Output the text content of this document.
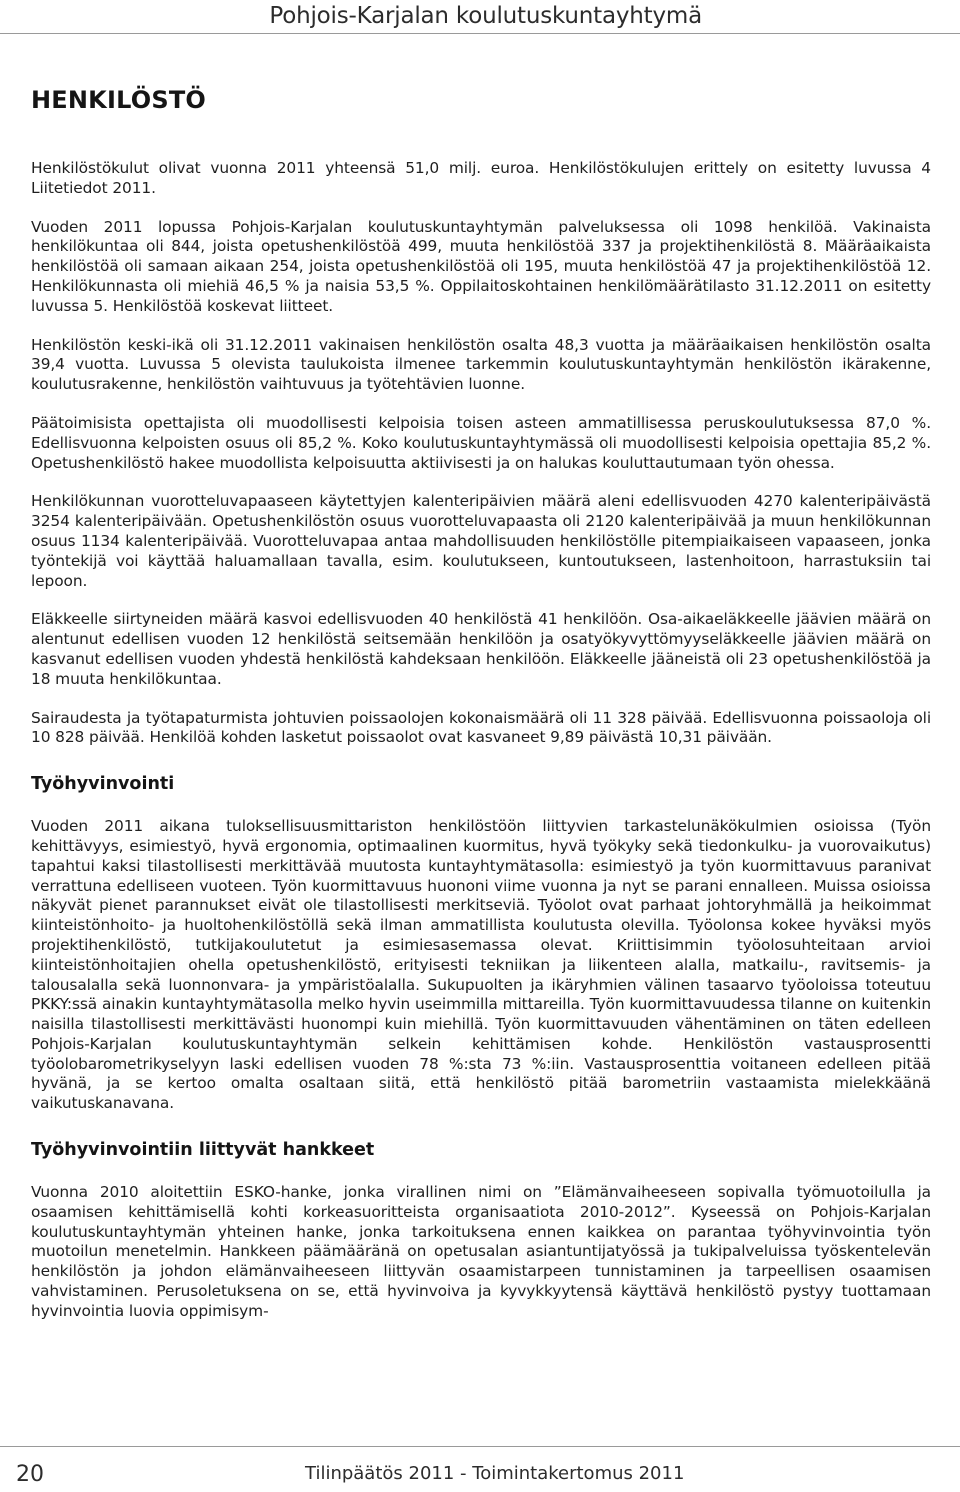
Pohjois-Karjalan koulutuskuntayhtymä
HENKILÖSTÖ

Henkilöstökulut olivat vuonna 2011 yhteensä 51,0 milj. euroa. Henkilöstökulujen erittely on esitetty luvussa 4 Liitetiedot 2011.

Vuoden 2011 lopussa Pohjois-Karjalan koulutuskuntayhtymän palveluksessa oli 1098 henkilöä. Vakinaista henkilökuntaa oli 844, joista opetushenkilöstöä 499, muuta henkilöstöä 337 ja projektihenkilöstä 8. Määräaikaista henkilöstöä oli samaan aikaan 254, joista opetushenkilöstöä oli 195, muuta henkilöstöä 47 ja projektihenkilöstöä 12. Henkilökunnasta oli miehiä 46,5 % ja naisia 53,5 %. Oppilaitoskohtainen henkilömäärätilasto 31.12.2011 on esitetty luvussa 5. Henkilöstöä koskevat liitteet.

Henkilöstön keski-ikä oli 31.12.2011 vakinaisen henkilöstön osalta 48,3 vuotta ja määräaikaisen henkilöstön osalta 39,4 vuotta. Luvussa 5 olevista taulukoista ilmenee tarkemmin koulutuskuntayhtymän henkilöstön ikärakenne, koulutusrakenne, henkilöstön vaihtuvuus ja työtehtävien luonne.

Päätoimisista opettajista oli muodollisesti kelpoisia toisen asteen ammatillisessa peruskoulutuksessa 87,0 %. Edellisvuonna kelpoisten osuus oli 85,2 %. Koko koulutuskuntayhtymässä oli muodollisesti kelpoisia opettajia 85,2 %. Opetushenkilöstö hakee muodollista kelpoisuutta aktiivisesti ja on halukas kouluttautumaan työn ohessa.

Henkilökunnan vuorotteluvapaaseen käytettyjen kalenteripäivien määrä aleni edellisvuoden 4270 kalenteripäivästä 3254 kalenteripäivään. Opetushenkilöstön osuus vuorotteluvapaasta oli 2120 kalenteripäivää ja muun henkilökunnan osuus 1134 kalenteripäivää. Vuorotteluvapaa antaa mahdollisuuden henkilöstölle pitempiaikaiseen vapaaseen, jonka työntekijä voi käyttää haluamallaan tavalla, esim. koulutukseen, kuntoutukseen, lastenhoitoon, harrastuksiin tai lepoon.

Eläkkeelle siirtyneiden määrä kasvoi edellisvuoden 40 henkilöstä 41 henkilöön. Osa-aikaeläkkeelle jäävien määrä on alentunut edellisen vuoden 12 henkilöstä seitsemään henkilöön ja osatyökyvyttömyyseläkkeelle jäävien määrä on kasvanut edellisen vuoden yhdestä henkilöstä kahdeksaan henkilöön. Eläkkeelle jääneistä oli 23 opetushenkilöstöä ja 18 muuta henkilökuntaa.

Sairaudesta ja työtapaturmista johtuvien poissaolojen kokonaismäärä oli 11 328 päivää. Edellisvuonna poissaoloja oli 10 828 päivää. Henkilöä kohden lasketut poissaolot ovat kasvaneet 9,89 päivästä 10,31 päivään.

Työhyvinvointi

Vuoden 2011 aikana tuloksellisuusmittariston henkilöstöön liittyvien tarkastelunäkökulmien osioissa (Työn kehittävyys, esimiestyö, hyvä ergonomia, optimaalinen kuormitus, hyvä työkyky sekä tiedonkulku- ja vuorovaikutus) tapahtui kaksi tilastollisesti merkittävää muutosta kuntayhtymätasolla: esimiestyö ja työn kuormittavuus paranivat verrattuna edelliseen vuoteen. Työn kuormittavuus huononi viime vuonna ja nyt se parani ennalleen. Muissa osioissa näkyvät pienet parannukset eivät ole tilastollisesti merkitseviä. Työolot ovat parhaat johtoryhmällä ja heikoimmat kiinteistönhoito- ja huoltohenkilöstöllä sekä ilman ammatillista koulutusta olevilla. Työolonsa kokee hyväksi myös projektihenkilöstö, tutkijakoulutetut ja esimiesasemassa olevat. Kriittisimmin työolosuhteitaan arvioi kiinteistönhoitajien ohella opetushenkilöstö, erityisesti tekniikan ja liikenteen alalla, matkailu-, ravitsemis- ja talousalalla sekä luonnonvara- ja ympäristöalalla. Sukupuolten ja ikäryhmien välinen tasaarvo työoloissa toteutuu PKKY:ssä ainakin kuntayhtymätasolla melko hyvin useimmilla mittareilla. Työn kuormittavuudessa tilanne on kuitenkin naisilla tilastollisesti merkittävästi huonompi kuin miehillä. Työn kuormittavuuden vähentäminen on täten edelleen Pohjois-Karjalan koulutuskuntayhtymän selkein kehittämisen kohde. Henkilöstön vastausprosentti työolobarometrikyselyyn laski edellisen vuoden 78 %:sta 73 %:iin. Vastausprosenttia voitaneen edelleen pitää hyvänä, ja se kertoo omalta osaltaan siitä, että henkilöstö pitää barometriin vastaamista mielekkäänä vaikutuskanavana.

Työhyvinvointiin liittyvät hankkeet

Vuonna 2010 aloitettiin ESKO-hanke, jonka virallinen nimi on ”Elämänvaiheeseen sopivalla työmuotoilulla ja osaamisen kehittämisellä kohti korkeasuoritteista organisaatiota 2010-2012”. Kyseessä on Pohjois-Karjalan koulutuskuntayhtymän yhteinen hanke, jonka tarkoituksena ennen kaikkea on parantaa työhyvinvointia työn muotoilun menetelmin. Hankkeen päämääränä on opetusalan asiantuntijatyössä ja tukipalveluissa työskentelevän henkilöstön ja johdon elämänvaiheeseen liittyvän osaamistarpeen tunnistaminen ja tarpeellisen osaamisen vahvistaminen. Perusoletuksena on se, että hyvinvoiva ja kyvykkyytensä käyttävä henkilöstö pystyy tuottamaan hyvinvointia luovia oppimisym-

20	Tilinpäätös 2011 - Toimintakertomus 2011
